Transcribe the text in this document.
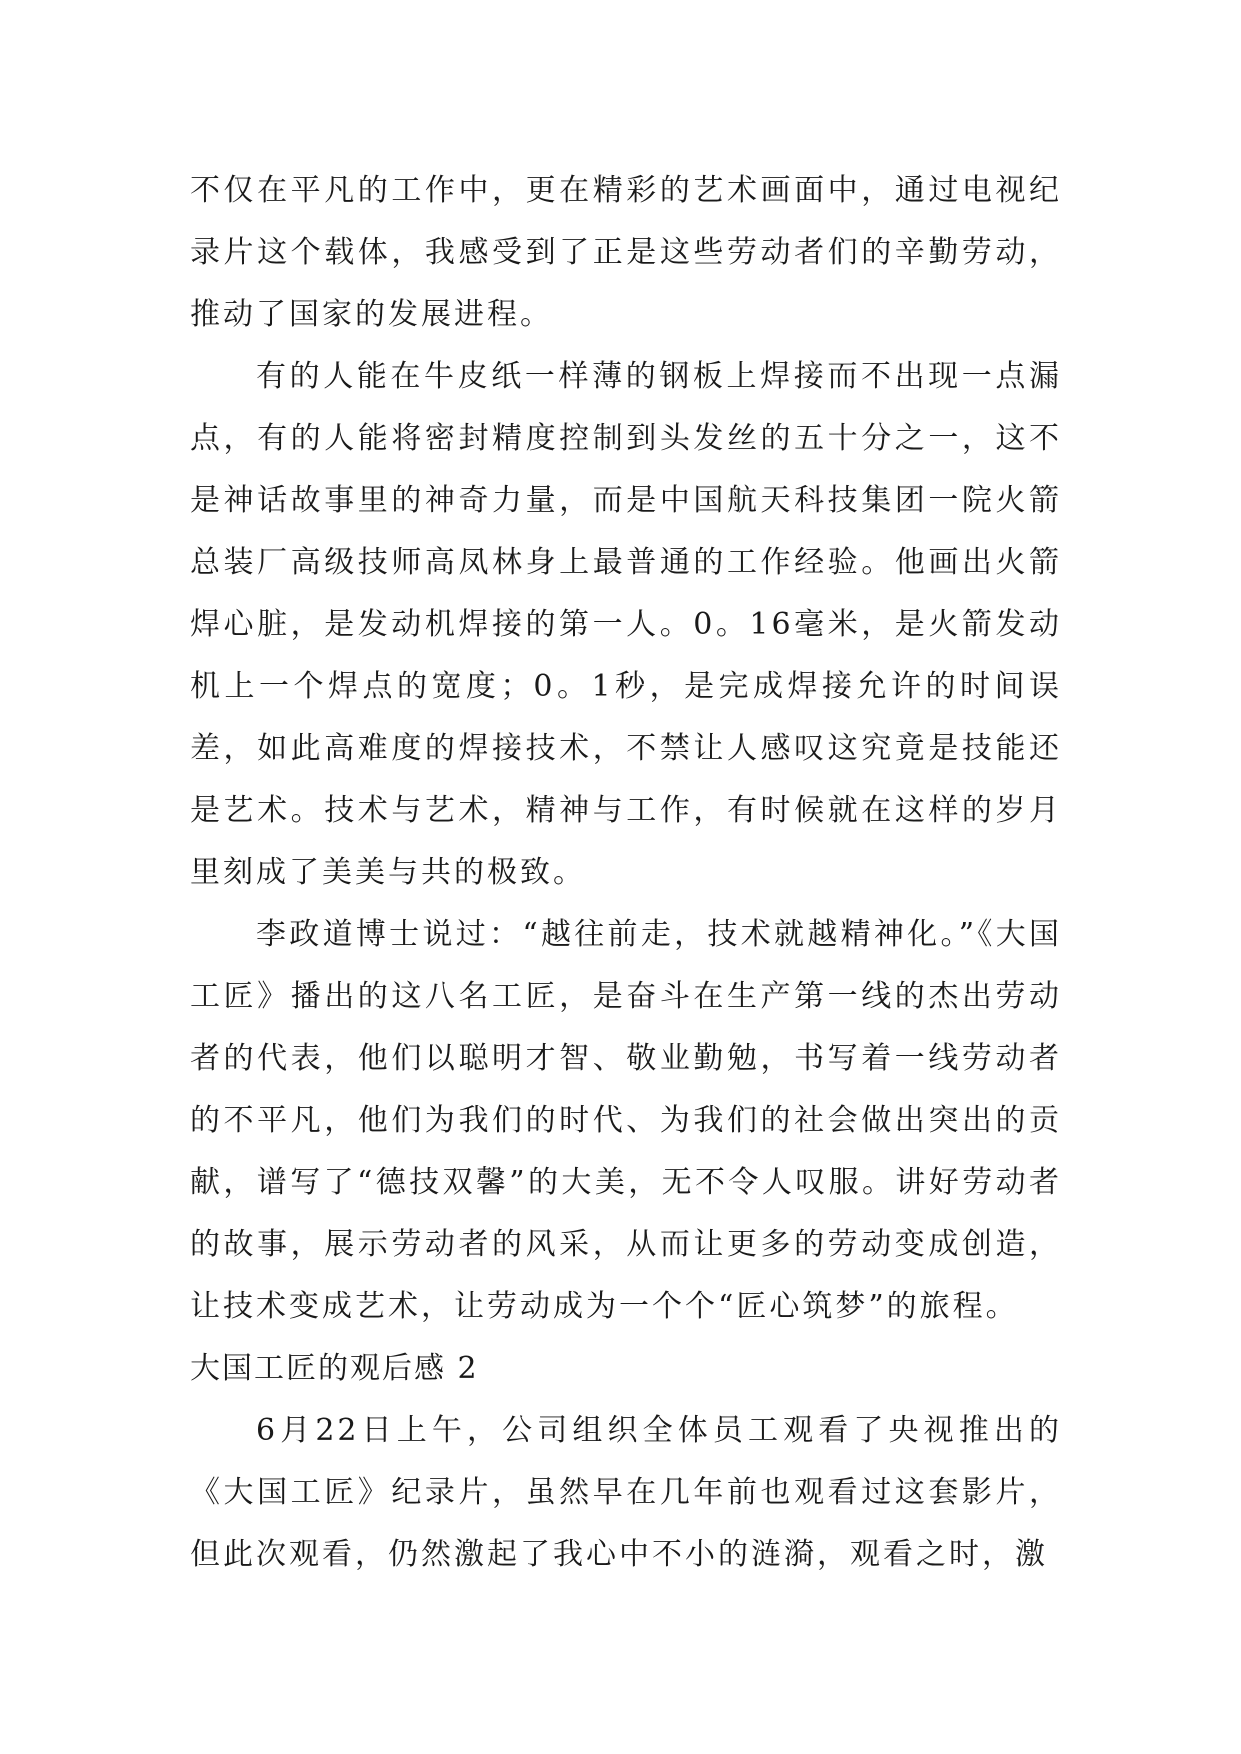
不仅在平凡的工作中，更在精彩的艺术画面中，通过电视纪录片这个载体，我感受到了正是这些劳动者们的辛勤劳动，推动了国家的发展进程。

有的人能在牛皮纸一样薄的钢板上焊接而不出现一点漏点，有的人能将密封精度控制到头发丝的五十分之一，这不是神话故事里的神奇力量，而是中国航天科技集团一院火箭总装厂高级技师高凤林身上最普通的工作经验。他画出火箭焊心脏，是发动机焊接的第一人。0。16毫米，是火箭发动机上一个焊点的宽度；0。1秒，是完成焊接允许的时间误差，如此高难度的焊接技术，不禁让人感叹这究竟是技能还是艺术。技术与艺术，精神与工作，有时候就在这样的岁月里刻成了美美与共的极致。

李政道博士说过：“越往前走，技术就越精神化。”《大国工匠》播出的这八名工匠，是奋斗在生产第一线的杰出劳动者的代表，他们以聪明才智、敬业勤勉，书写着一线劳动者的不平凡，他们为我们的时代、为我们的社会做出突出的贡献，谱写了“德技双馨”的大美，无不令人叹服。讲好劳动者的故事，展示劳动者的风采，从而让更多的劳动变成创造，让技术变成艺术，让劳动成为一个个“匠心筑梦”的旅程。

大国工匠的观后感 2

6月22日上午，公司组织全体员工观看了央视推出的《大国工匠》纪录片，虽然早在几年前也观看过这套影片，但此次观看，仍然激起了我心中不小的涟漪，观看之时，激
